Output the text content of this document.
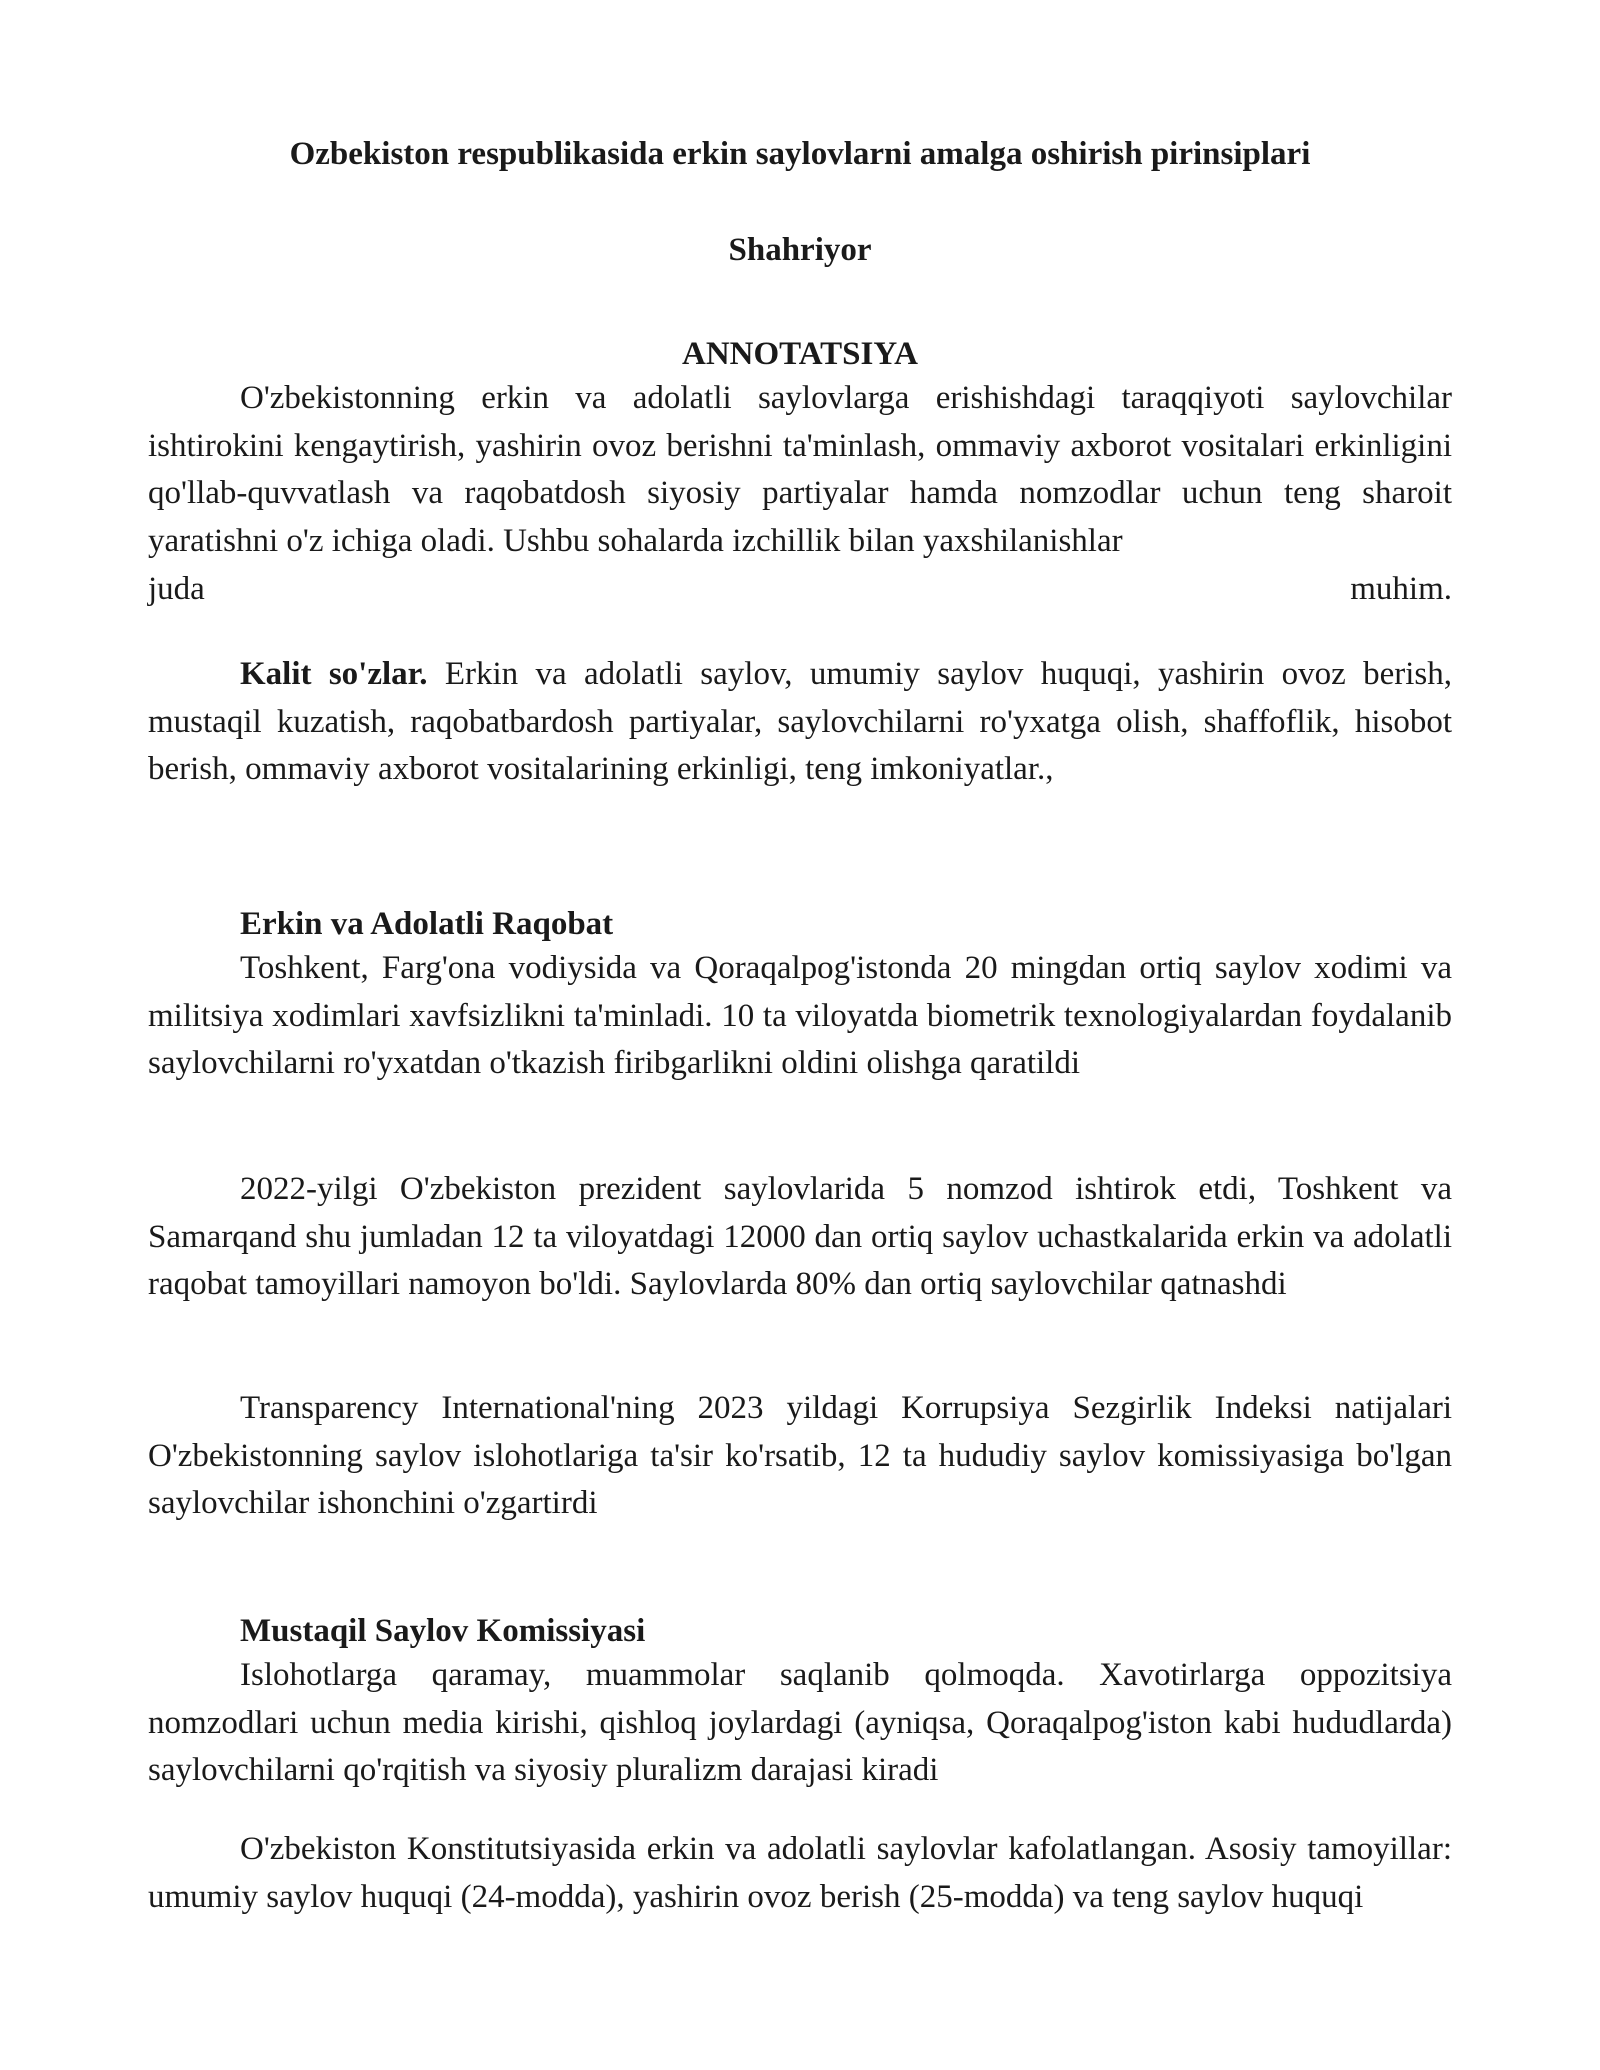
Ozbekiston respublikasida erkin saylovlarni amalga oshirish pirinsiplari
Shahriyor
ANNOTATSIYA

O'zbekistonning erkin va adolatli saylovlarga erishishdagi taraqqiyoti saylovchilar ishtirokini kengaytirish, yashirin ovoz berishni ta'minlash, ommaviy axborot vositalari erkinligini qo'llab-quvvatlash va raqobatdosh siyosiy partiyalar hamda nomzodlar uchun teng sharoit yaratishni o'z ichiga oladi. Ushbu sohalarda izchillik bilan yaxshilanishlar

juda	muhim.

Kalit so'zlar. Erkin va adolatli saylov, umumiy saylov huquqi, yashirin ovoz berish, mustaqil kuzatish, raqobatbardosh partiyalar, saylovchilarni ro'yxatga olish, shaffoflik, hisobot berish, ommaviy axborot vositalarining erkinligi, teng imkoniyatlar.,

Erkin va Adolatli Raqobat

Toshkent, Farg'ona vodiysida va Qoraqalpog'istonda 20 mingdan ortiq saylov xodimi va militsiya xodimlari xavfsizlikni ta'minladi. 10 ta viloyatda biometrik texnologiyalardan foydalanib saylovchilarni ro'yxatdan o'tkazish firibgarlikni oldini olishga qaratildi

2022-yilgi O'zbekiston prezident saylovlarida 5 nomzod ishtirok etdi, Toshkent va Samarqand shu jumladan 12 ta viloyatdagi 12000 dan ortiq saylov uchastkalarida erkin va adolatli raqobat tamoyillari namoyon bo'ldi. Saylovlarda 80% dan ortiq saylovchilar qatnashdi

Transparency International'ning 2023 yildagi Korrupsiya Sezgirlik Indeksi natijalari O'zbekistonning saylov islohotlariga ta'sir ko'rsatib, 12 ta hududiy saylov komissiyasiga bo'lgan saylovchilar ishonchini o'zgartirdi

Mustaqil Saylov Komissiyasi

Islohotlarga qaramay, muammolar saqlanib qolmoqda. Xavotirlarga oppozitsiya nomzodlari uchun media kirishi, qishloq joylardagi (ayniqsa, Qoraqalpog'iston kabi hududlarda) saylovchilarni qo'rqitish va siyosiy pluralizm darajasi kiradi

O'zbekiston Konstitutsiyasida erkin va adolatli saylovlar kafolatlangan. Asosiy tamoyillar: umumiy saylov huquqi (24-modda), yashirin ovoz berish (25-modda) va teng saylov huquqi
